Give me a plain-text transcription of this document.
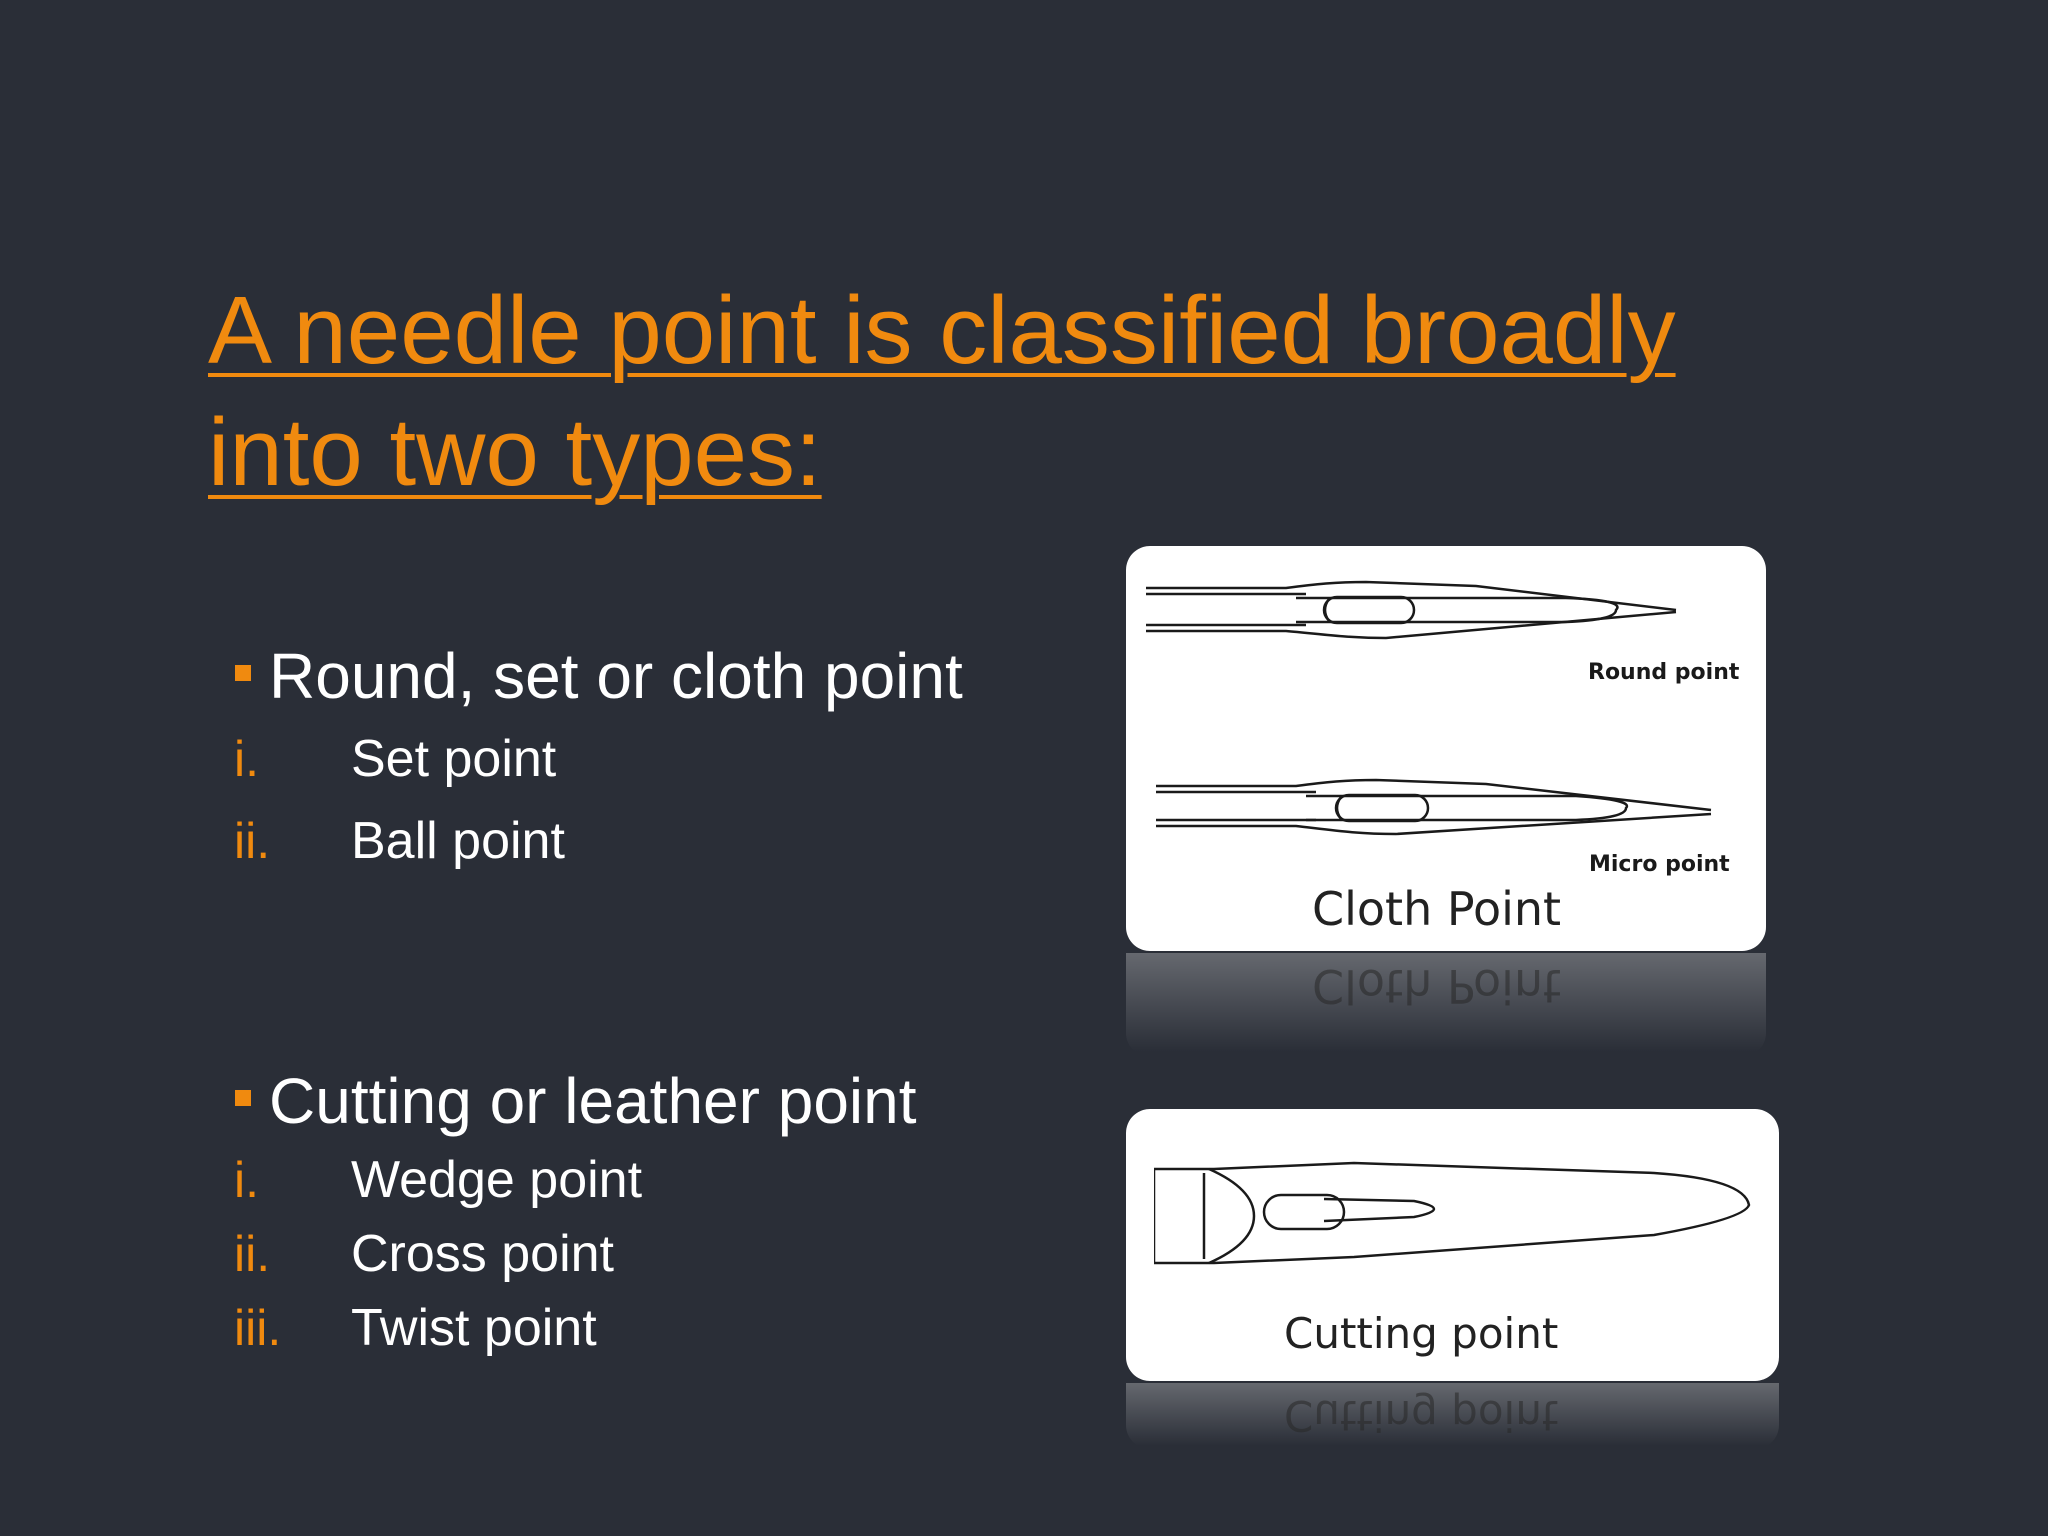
A needle point is classified broadly into two types:
Round, set or cloth point
i.	Set point
ii.	Ball point
Cutting or leather point
i.	Wedge point
ii.	Cross point
iii.	Twist point
Round point
Micro point
Cloth Point
Cloth Point
Cutting point
Cutting point
